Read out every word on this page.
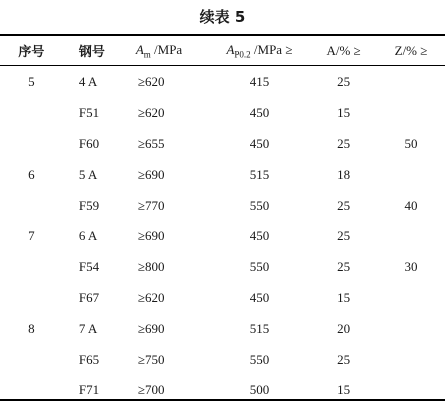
续表 5
序号	钢号	$A_m$ /MPa	$A_{P0.2}$ /MPa ≥	A/% ≥	Z/% ≥
5	4 A	≥620	415	25	
	F51	≥620	450	15	
	F60	≥655	450	25	50
6	5 A	≥690	515	18	
	F59	≥770	550	25	40
7	6 A	≥690	450	25	
	F54	≥800	550	25	30
	F67	≥620	450	15	
8	7 A	≥690	515	20	
	F65	≥750	550	25	
	F71	≥700	500	15	
